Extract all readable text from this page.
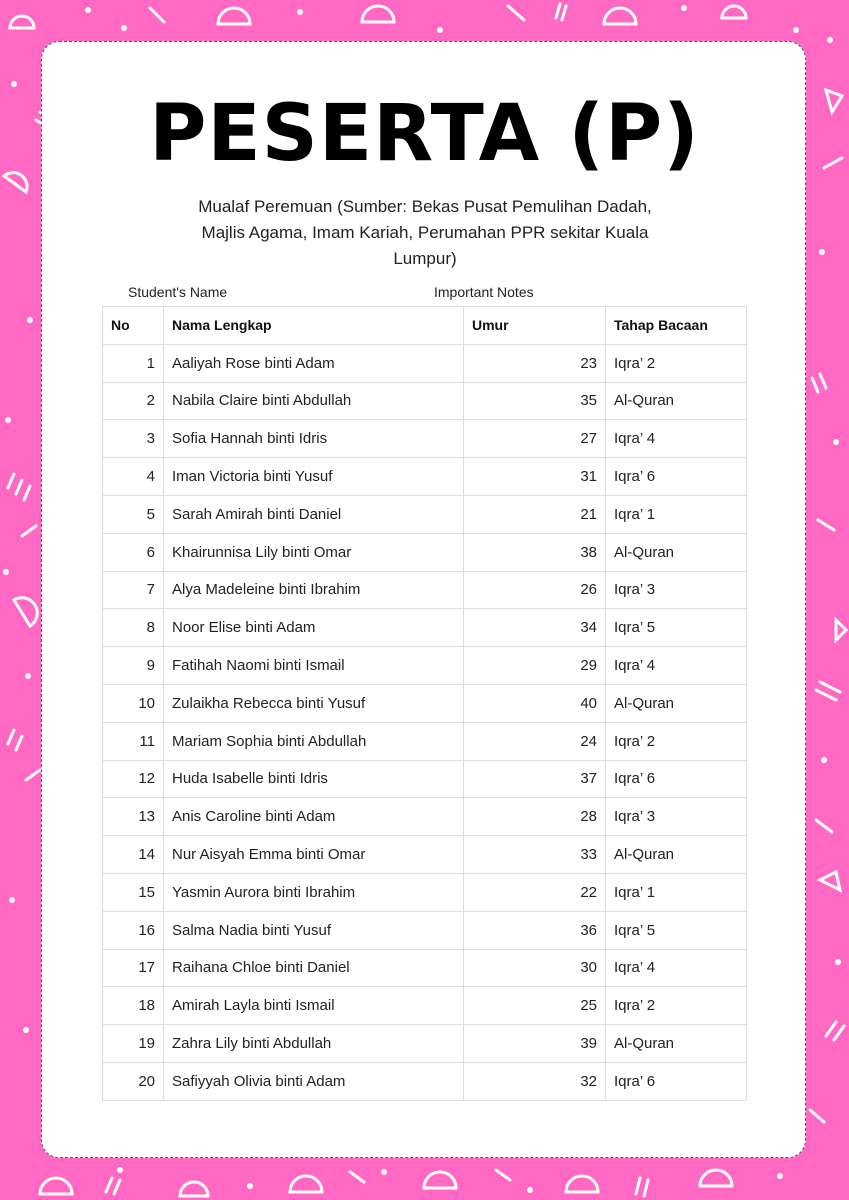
PESERTA (P)

Mualaf Peremuan (Sumber: Bekas Pusat Pemulihan Dadah, Majlis Agama, Imam Kariah, Perumahan PPR sekitar Kuala Lumpur)

Student's Name	Important Notes
No	Nama Lengkap	Umur	Tahap Bacaan
1	Aaliyah Rose binti Adam	23	Iqra’ 2
2	Nabila Claire binti Abdullah	35	Al-Quran
3	Sofia Hannah binti Idris	27	Iqra’ 4
4	Iman Victoria binti Yusuf	31	Iqra’ 6
5	Sarah Amirah binti Daniel	21	Iqra’ 1
6	Khairunnisa Lily binti Omar	38	Al-Quran
7	Alya Madeleine binti Ibrahim	26	Iqra’ 3
8	Noor Elise binti Adam	34	Iqra’ 5
9	Fatihah Naomi binti Ismail	29	Iqra’ 4
10	Zulaikha Rebecca binti Yusuf	40	Al-Quran
11	Mariam Sophia binti Abdullah	24	Iqra’ 2
12	Huda Isabelle binti Idris	37	Iqra’ 6
13	Anis Caroline binti Adam	28	Iqra’ 3
14	Nur Aisyah Emma binti Omar	33	Al-Quran
15	Yasmin Aurora binti Ibrahim	22	Iqra’ 1
16	Salma Nadia binti Yusuf	36	Iqra’ 5
17	Raihana Chloe binti Daniel	30	Iqra’ 4
18	Amirah Layla binti Ismail	25	Iqra’ 2
19	Zahra Lily binti Abdullah	39	Al-Quran
20	Safiyyah Olivia binti Adam	32	Iqra’ 6
